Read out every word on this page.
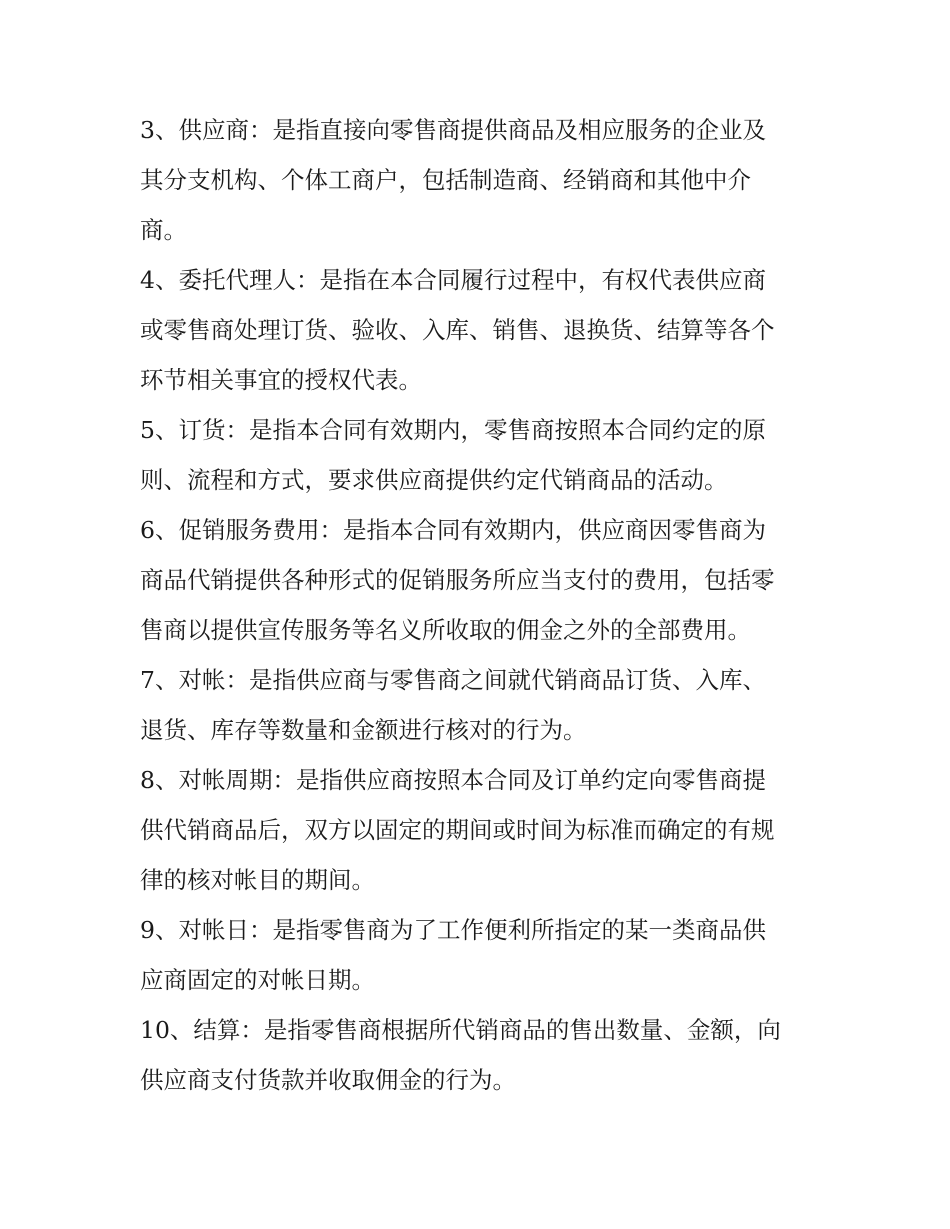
3、供应商：是指直接向零售商提供商品及相应服务的企业及
其分支机构、个体工商户，包括制造商、经销商和其他中介
商。

4、委托代理人：是指在本合同履行过程中，有权代表供应商
或零售商处理订货、验收、入库、销售、退换货、结算等各个
环节相关事宜的授权代表。

5、订货：是指本合同有效期内，零售商按照本合同约定的原
则、流程和方式，要求供应商提供约定代销商品的活动。

6、促销服务费用：是指本合同有效期内，供应商因零售商为
商品代销提供各种形式的促销服务所应当支付的费用，包括零
售商以提供宣传服务等名义所收取的佣金之外的全部费用。

7、对帐：是指供应商与零售商之间就代销商品订货、入库、
退货、库存等数量和金额进行核对的行为。

8、对帐周期：是指供应商按照本合同及订单约定向零售商提
供代销商品后，双方以固定的期间或时间为标准而确定的有规
律的核对帐目的期间。

9、对帐日：是指零售商为了工作便利所指定的某一类商品供
应商固定的对帐日期。

10、结算：是指零售商根据所代销商品的售出数量、金额，向
供应商支付货款并收取佣金的行为。
